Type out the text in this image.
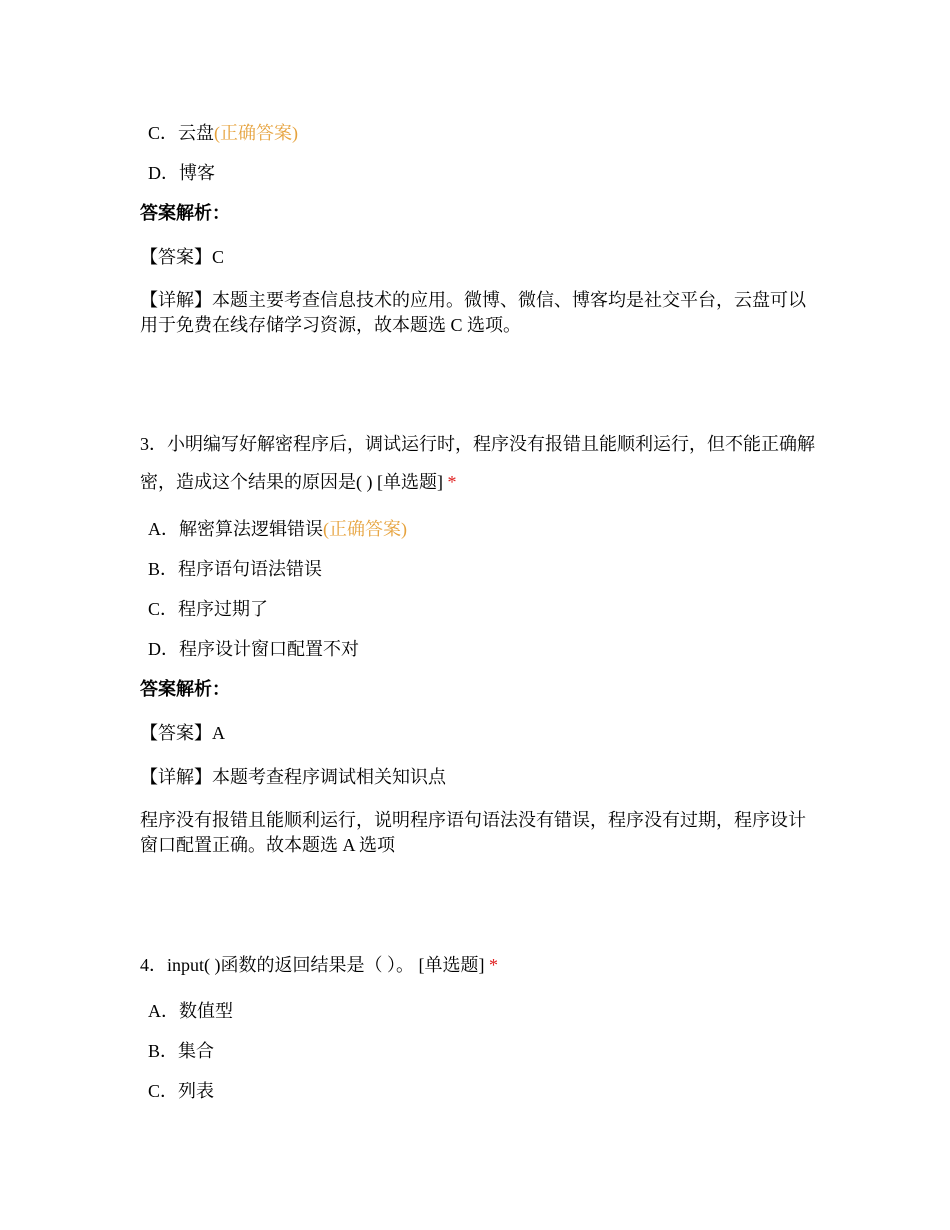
C．云盘(正确答案)
D．博客
答案解析：
【答案】C
【详解】本题主要考查信息技术的应用。微博、微信、博客均是社交平台，云盘可以用于免费在线存储学习资源，故本题选 C 选项。
3．小明编写好解密程序后，调试运行时，程序没有报错且能顺利运行，但不能正确解密，造成这个结果的原因是( ) [单选题] *
A．解密算法逻辑错误(正确答案)
B．程序语句语法错误
C．程序过期了
D．程序设计窗口配置不对
答案解析：
【答案】A
【详解】本题考查程序调试相关知识点
程序没有报错且能顺利运行，说明程序语句语法没有错误，程序没有过期，程序设计窗口配置正确。故本题选 A 选项
4．input( )函数的返回结果是（ ）。 [单选题] *
A．数值型
B．集合
C．列表
